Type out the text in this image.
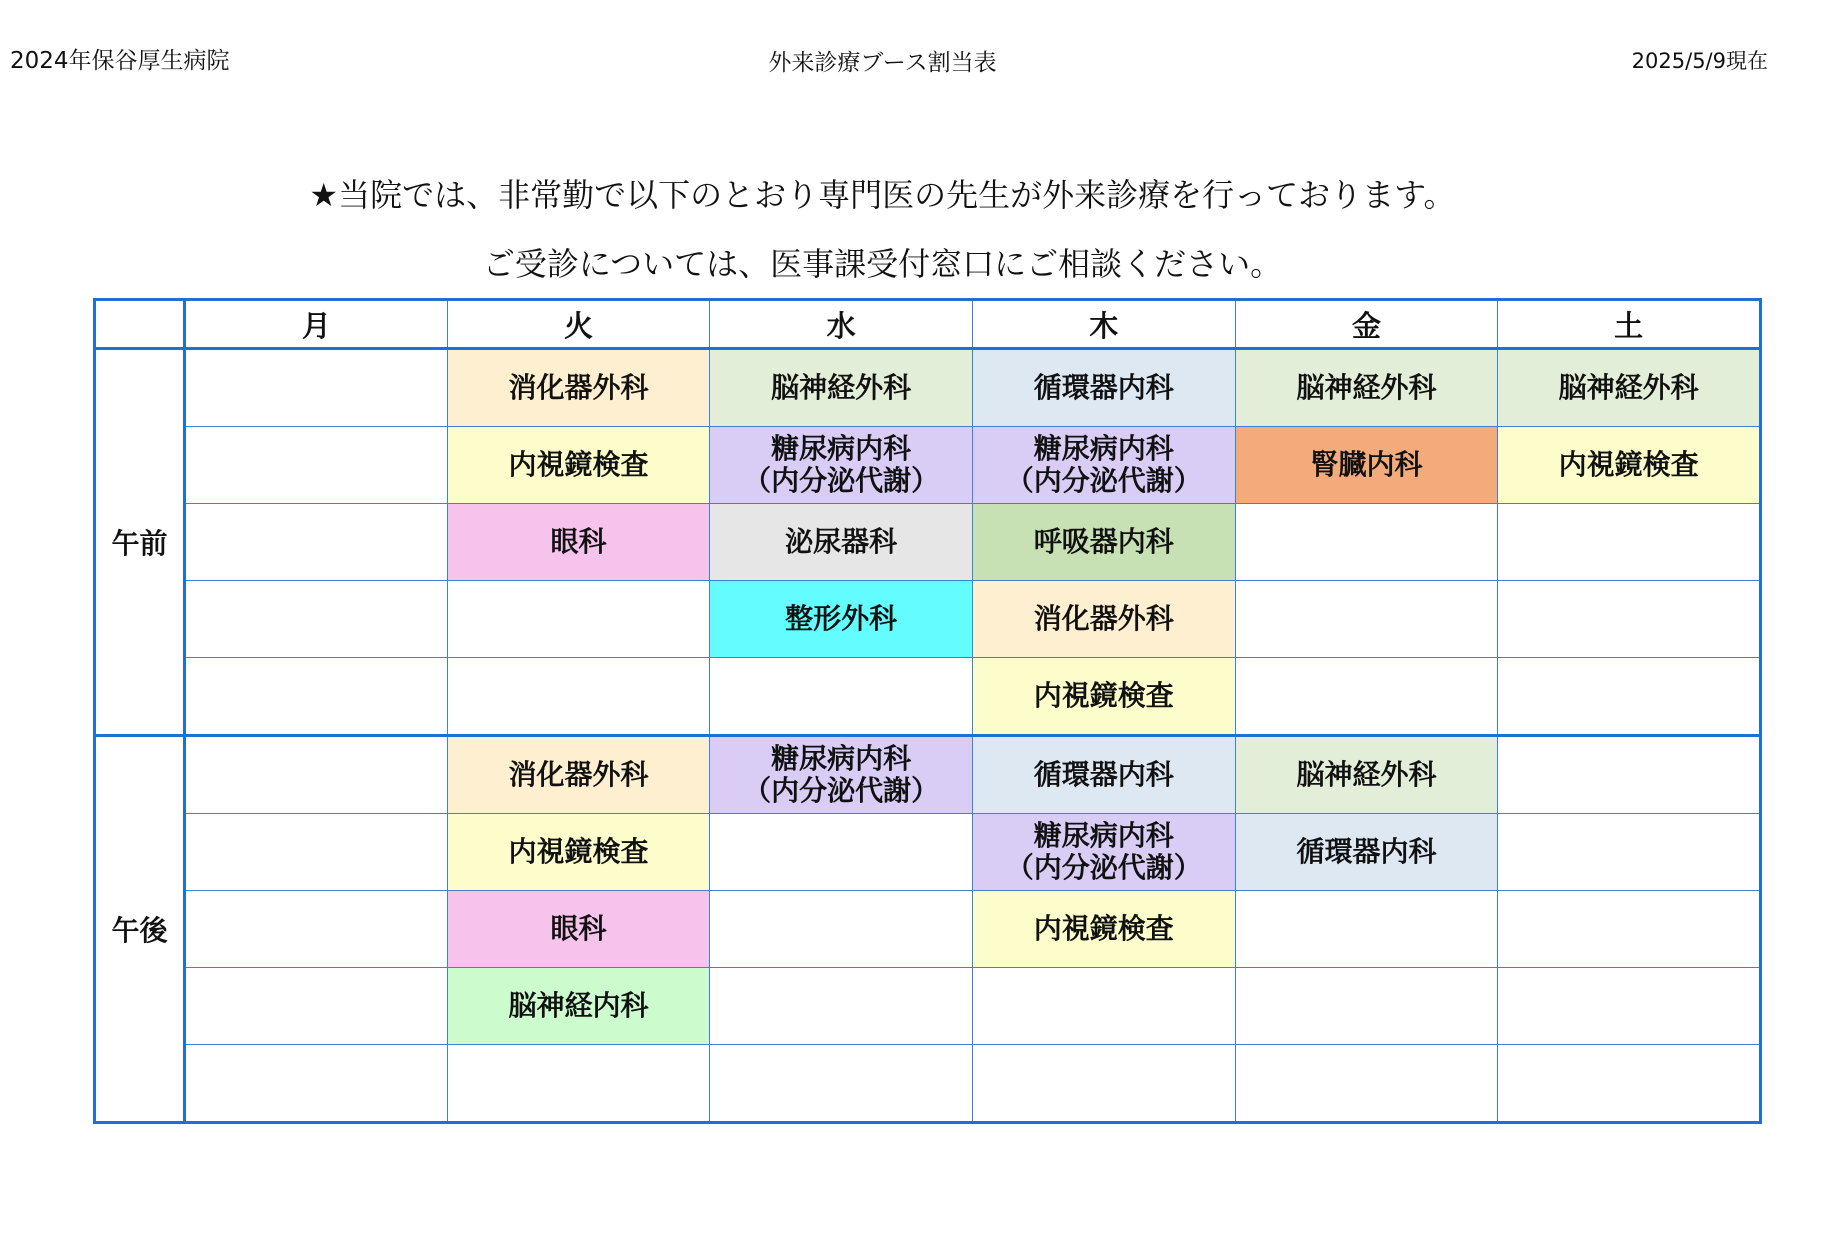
2024年保谷厚生病院	外来診療ブース割当表	2025/5/9現在
★当院では、非常勤で以下のとおり専門医の先生が外来診療を行っております。
ご受診については、医事課受付窓口にご相談ください。
	月	火	水	木	金	土
午前		消化器外科	脳神経外科	循環器内科	脳神経外科	脳神経外科

		内視鏡検査	糖尿病内科
（内分泌代謝）	糖尿病内科
（内分泌代謝）	腎臓内科	内視鏡検査

		眼科	泌尿器科	呼吸器内科		

			整形外科	消化器外科		

				内視鏡検査		

午後		消化器外科	糖尿病内科
（内分泌代謝）	循環器内科	脳神経外科	

		内視鏡検査		糖尿病内科
（内分泌代謝）	循環器内科	

		眼科		内視鏡検査		

		脳神経内科				
